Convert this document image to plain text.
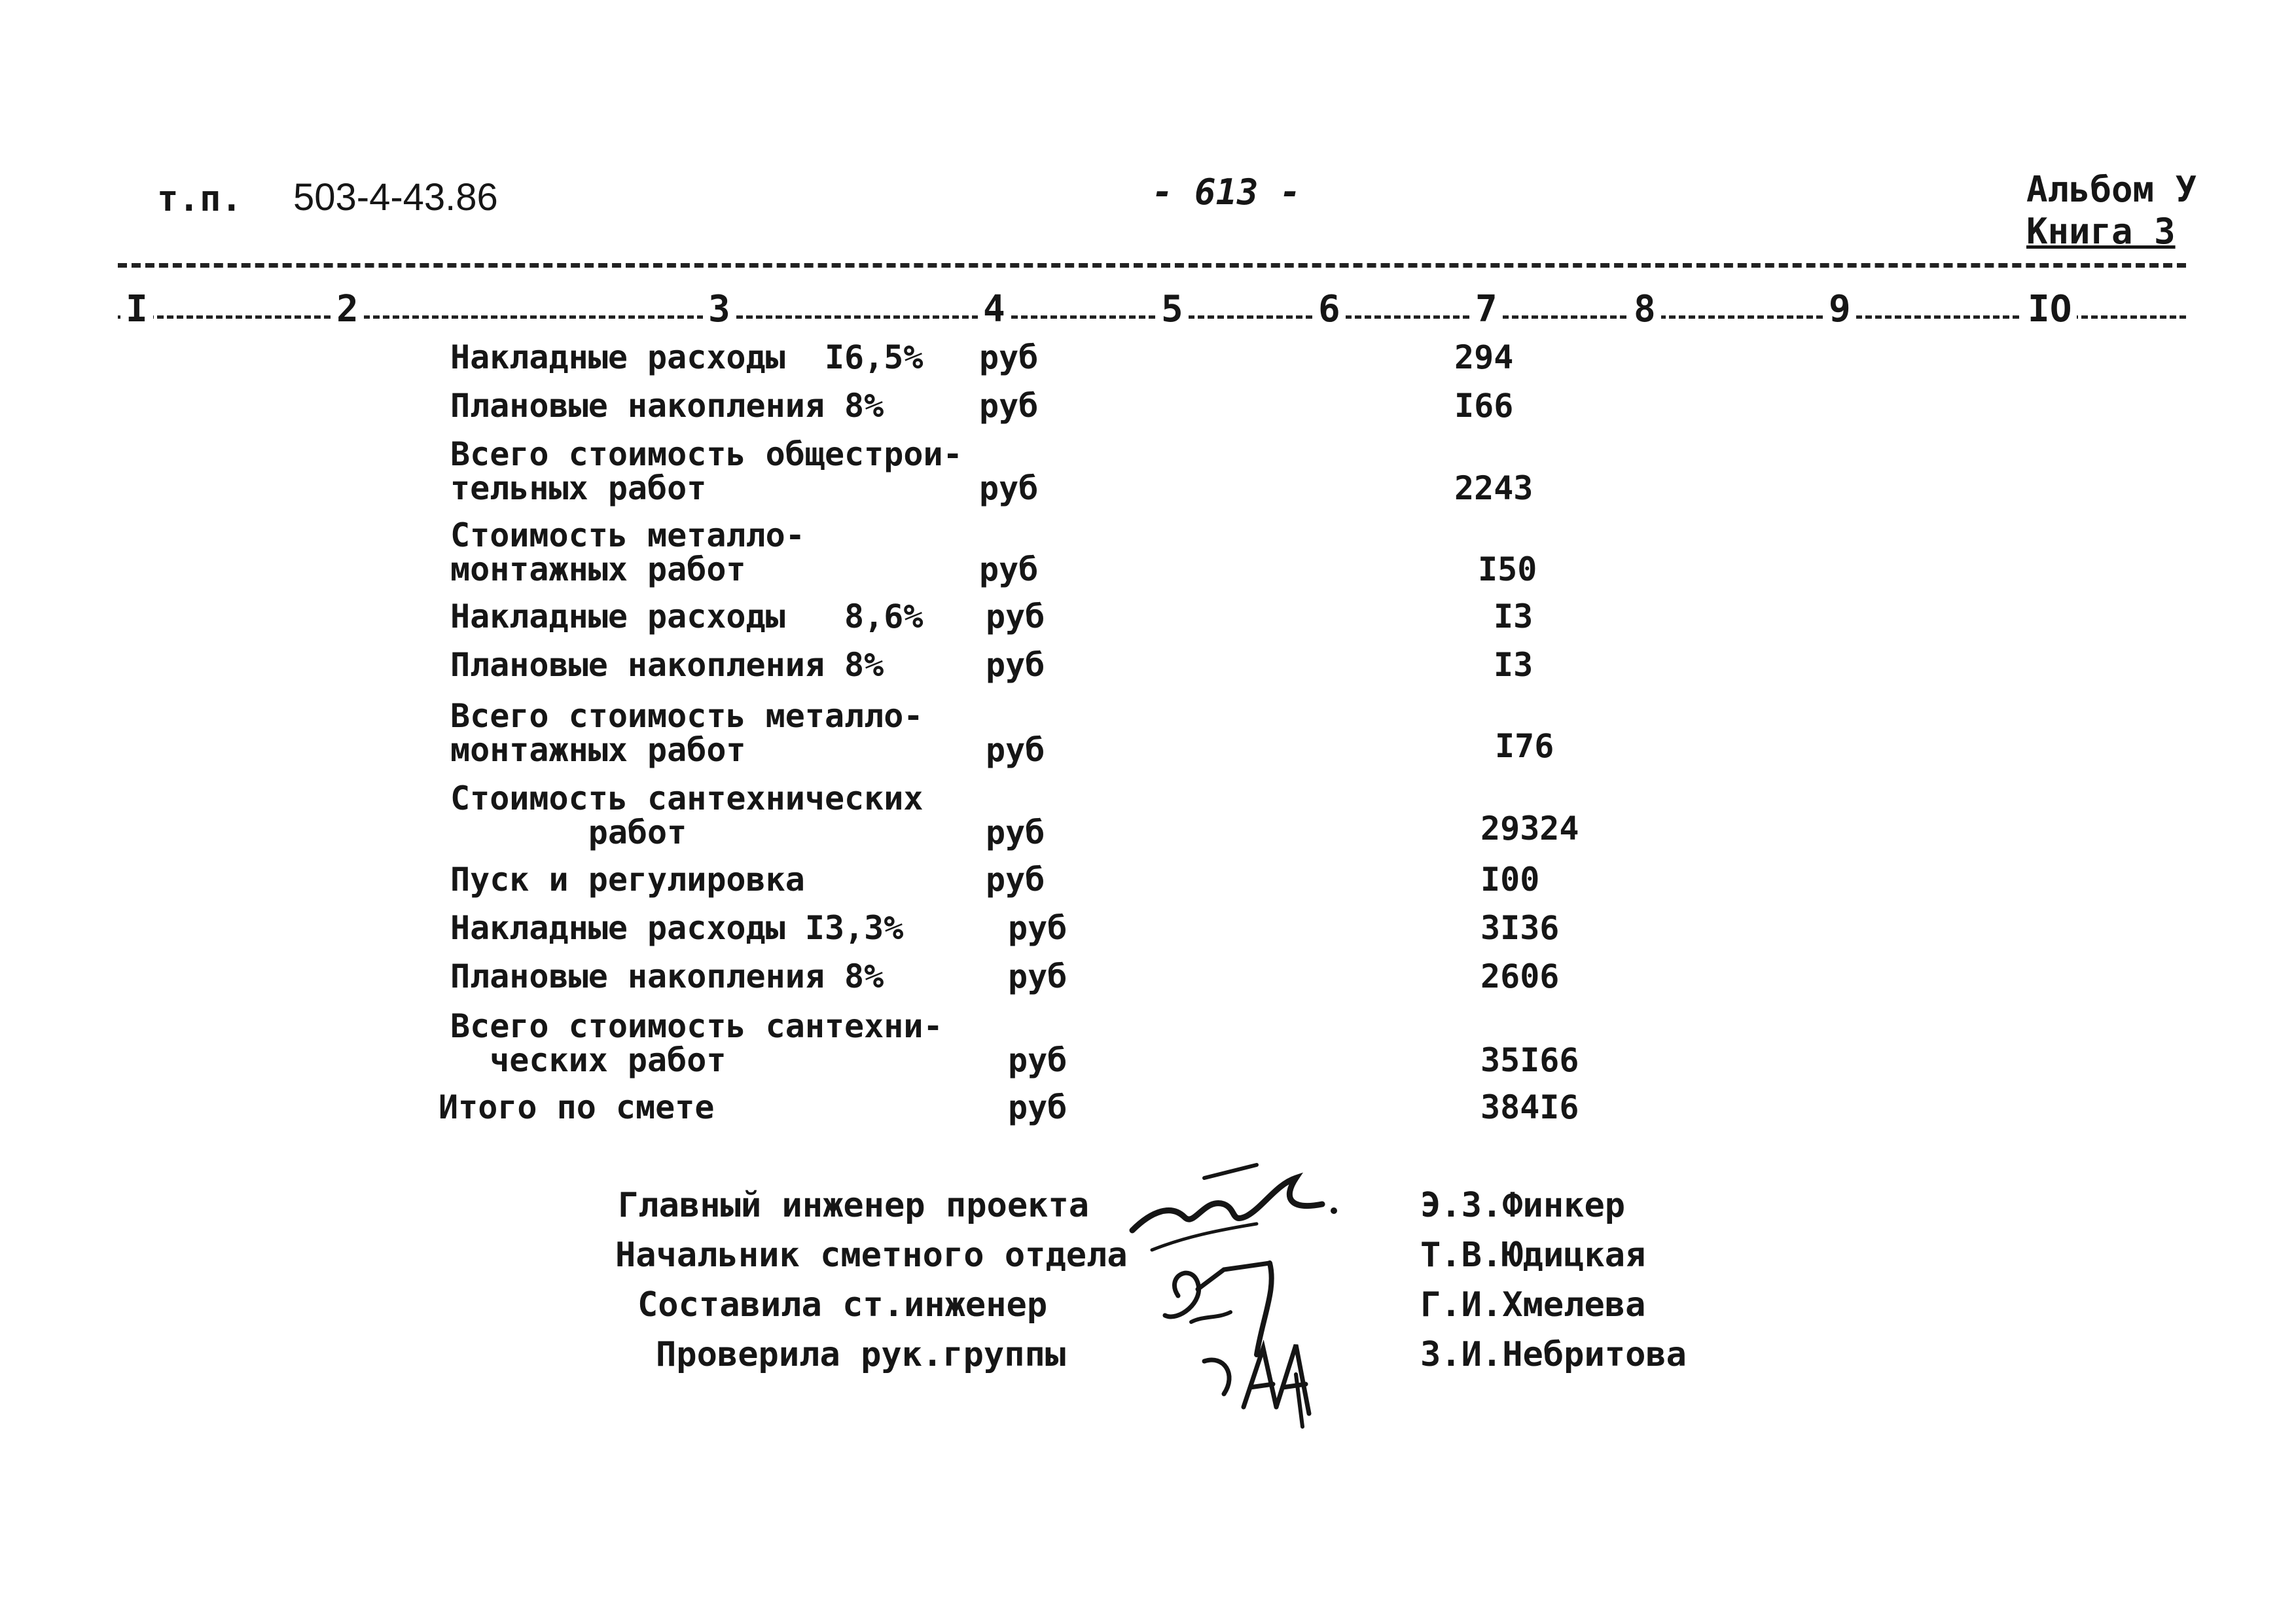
т.п. 503-4-43.86	- 613 -	Альбом У
Книга 3
I	2	3	4	5	6	7	8	9	IO
Накладные расходы  I6,5% руб	294
Плановые накопления 8%	руб	I66
Всего стоимость общестрои-
тельных работ	руб	2243
Стоимость металло-
монтажных работ	руб	I50
Накладные расходы   8,6% руб	I3
Плановые накопления 8%	руб	I3
Всего стоимость металло-
монтажных работ	руб	I76
Стоимость сантехнических
работ	руб	29324
Пуск и регулировка	руб	I00
Накладные расходы I3,3%	руб	3I36
Плановые накопления 8%	руб	2606
Всего стоимость сантехни-
ческих работ	руб	35I66
Итого по смете	руб	384I6
Главный инженер проекта	Э.З.Финкер
Начальник сметного отдела	Т.В.Юдицкая
Составила ст.инженер	Г.И.Хмелева
Проверила рук.группы	З.И.Небритова
